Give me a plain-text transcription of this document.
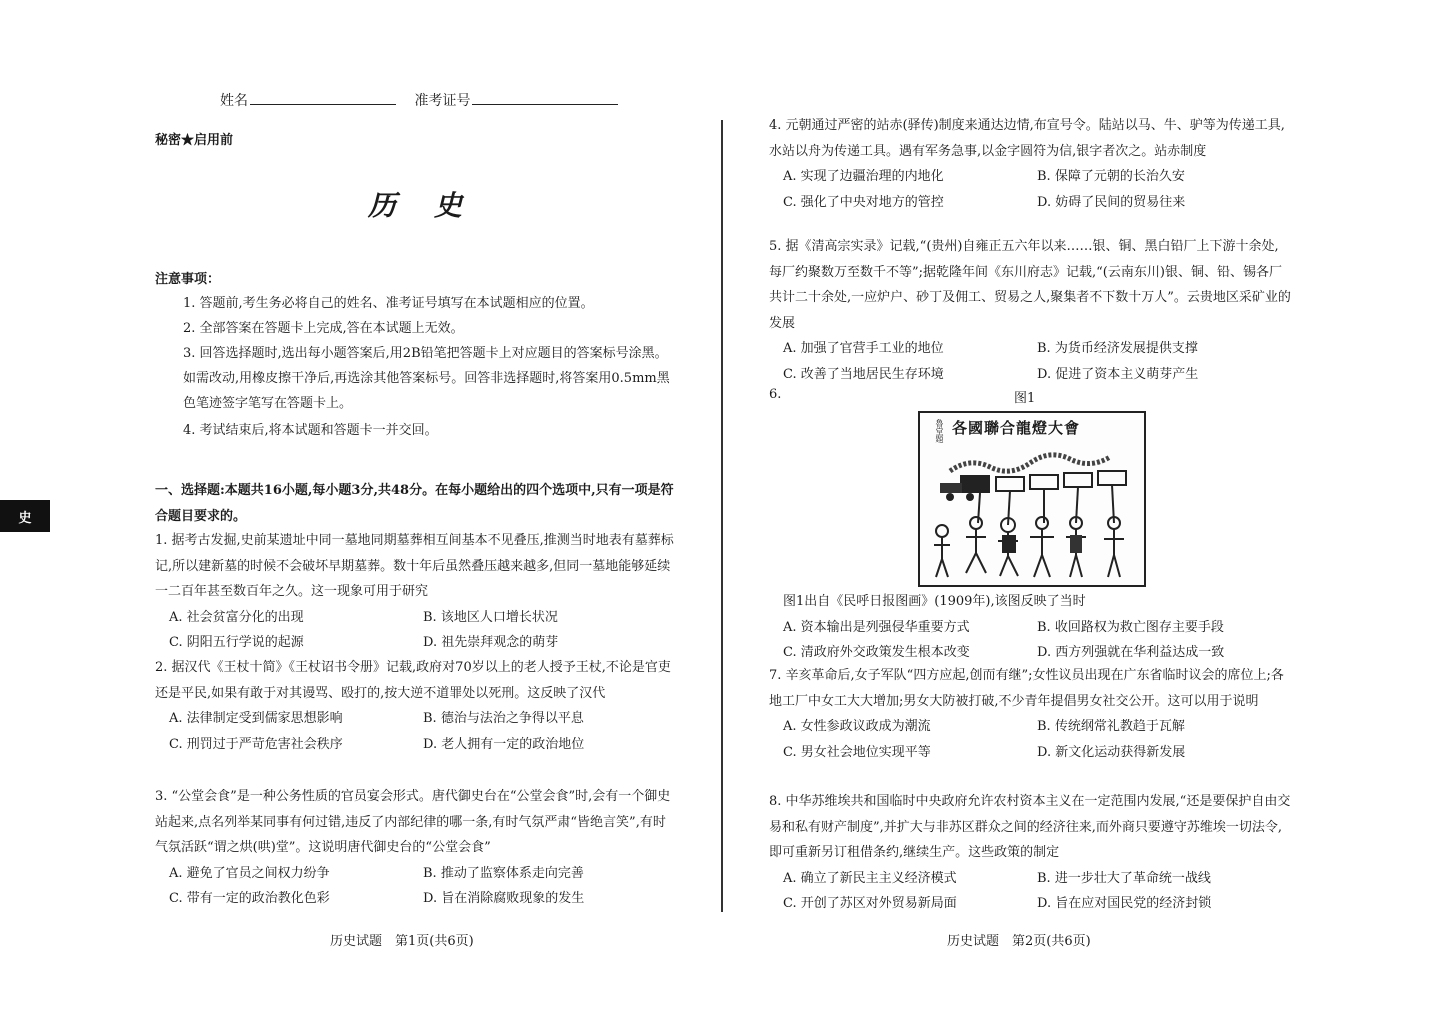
姓名	准考证号
秘密★启用前
历史
注意事项：
1. 答题前,考生务必将自己的姓名、准考证号填写在本试题相应的位置。
2. 全部答案在答题卡上完成,答在本试题上无效。
3. 回答选择题时,选出每小题答案后,用2B铅笔把答题卡上对应题目的答案标号涂黑。如需改动,用橡皮擦干净后,再选涂其他答案标号。回答非选择题时,将答案用0.5mm黑色笔迹签字笔写在答题卡上。
4. 考试结束后,将本试题和答题卡一并交回。
史
一、选择题:本题共16小题,每小题3分,共48分。在每小题给出的四个选项中,只有一项是符合题目要求的。
1. 据考古发掘,史前某遗址中同一墓地同期墓葬相互间基本不见叠压,推测当时地表有墓葬标记,所以建新墓的时候不会破坏早期墓葬。数十年后虽然叠压越来越多,但同一墓地能够延续一二百年甚至数百年之久。这一现象可用于研究
A. 社会贫富分化的出现	B. 该地区人口增长状况
C. 阴阳五行学说的起源	D. 祖先崇拜观念的萌芽
2. 据汉代《王杖十简》《王杖诏书令册》记载,政府对70岁以上的老人授予王杖,不论是官吏还是平民,如果有敢于对其谩骂、殴打的,按大逆不道罪处以死刑。这反映了汉代
A. 法律制定受到儒家思想影响	B. 德治与法治之争得以平息
C. 刑罚过于严苛危害社会秩序	D. 老人拥有一定的政治地位
3. “公堂会食”是一种公务性质的官员宴会形式。唐代御史台在“公堂会食”时,会有一个御史站起来,点名列举某同事有何过错,违反了内部纪律的哪一条,有时气氛严肃“皆绝言笑”,有时气氛活跃“谓之烘(哄)堂”。这说明唐代御史台的“公堂会食”
A. 避免了官员之间权力纷争	B. 推动了监察体系走向完善
C. 带有一定的政治教化色彩	D. 旨在消除腐败现象的发生
4. 元朝通过严密的站赤(驿传)制度来通达边情,布宣号令。陆站以马、牛、驴等为传递工具,水站以舟为传递工具。遇有军务急事,以金字圆符为信,银字者次之。站赤制度
A. 实现了边疆治理的内地化	B. 保障了元朝的长治久安
C. 强化了中央对地方的管控	D. 妨碍了民间的贸易往来
5. 据《清高宗实录》记载,“(贵州)自雍正五六年以来……银、铜、黑白铅厂上下游十余处,每厂约聚数万至数千不等”;据乾隆年间《东川府志》记载,“(云南东川)银、铜、铅、锡各厂共计二十余处,一应炉户、砂丁及佣工、贸易之人,聚集者不下数十万人”。云贵地区采矿业的发展
A. 加强了官营手工业的地位	B. 为货币经济发展提供支撑
C. 改善了当地居民生存环境	D. 促进了资本主义萌芽产生
6.	图1
魯堂題 各國聯合龍燈大會
图1出自《民呼日报图画》(1909年),该图反映了当时
A. 资本输出是列强侵华重要方式	B. 收回路权为救亡图存主要手段
C. 清政府外交政策发生根本改变	D. 西方列强就在华利益达成一致
7. 辛亥革命后,女子军队“四方应起,创而有继”;女性议员出现在广东省临时议会的席位上;各地工厂中女工大大增加;男女大防被打破,不少青年提倡男女社交公开。这可以用于说明
A. 女性参政议政成为潮流	B. 传统纲常礼教趋于瓦解
C. 男女社会地位实现平等	D. 新文化运动获得新发展
8. 中华苏维埃共和国临时中央政府允许农村资本主义在一定范围内发展,“还是要保护自由交易和私有财产制度”,并扩大与非苏区群众之间的经济往来,而外商只要遵守苏维埃一切法令,即可重新另订租借条约,继续生产。这些政策的制定
A. 确立了新民主主义经济模式	B. 进一步壮大了革命统一战线
C. 开创了苏区对外贸易新局面	D. 旨在应对国民党的经济封锁
历史试题　第1页(共6页)	历史试题　第2页(共6页)
